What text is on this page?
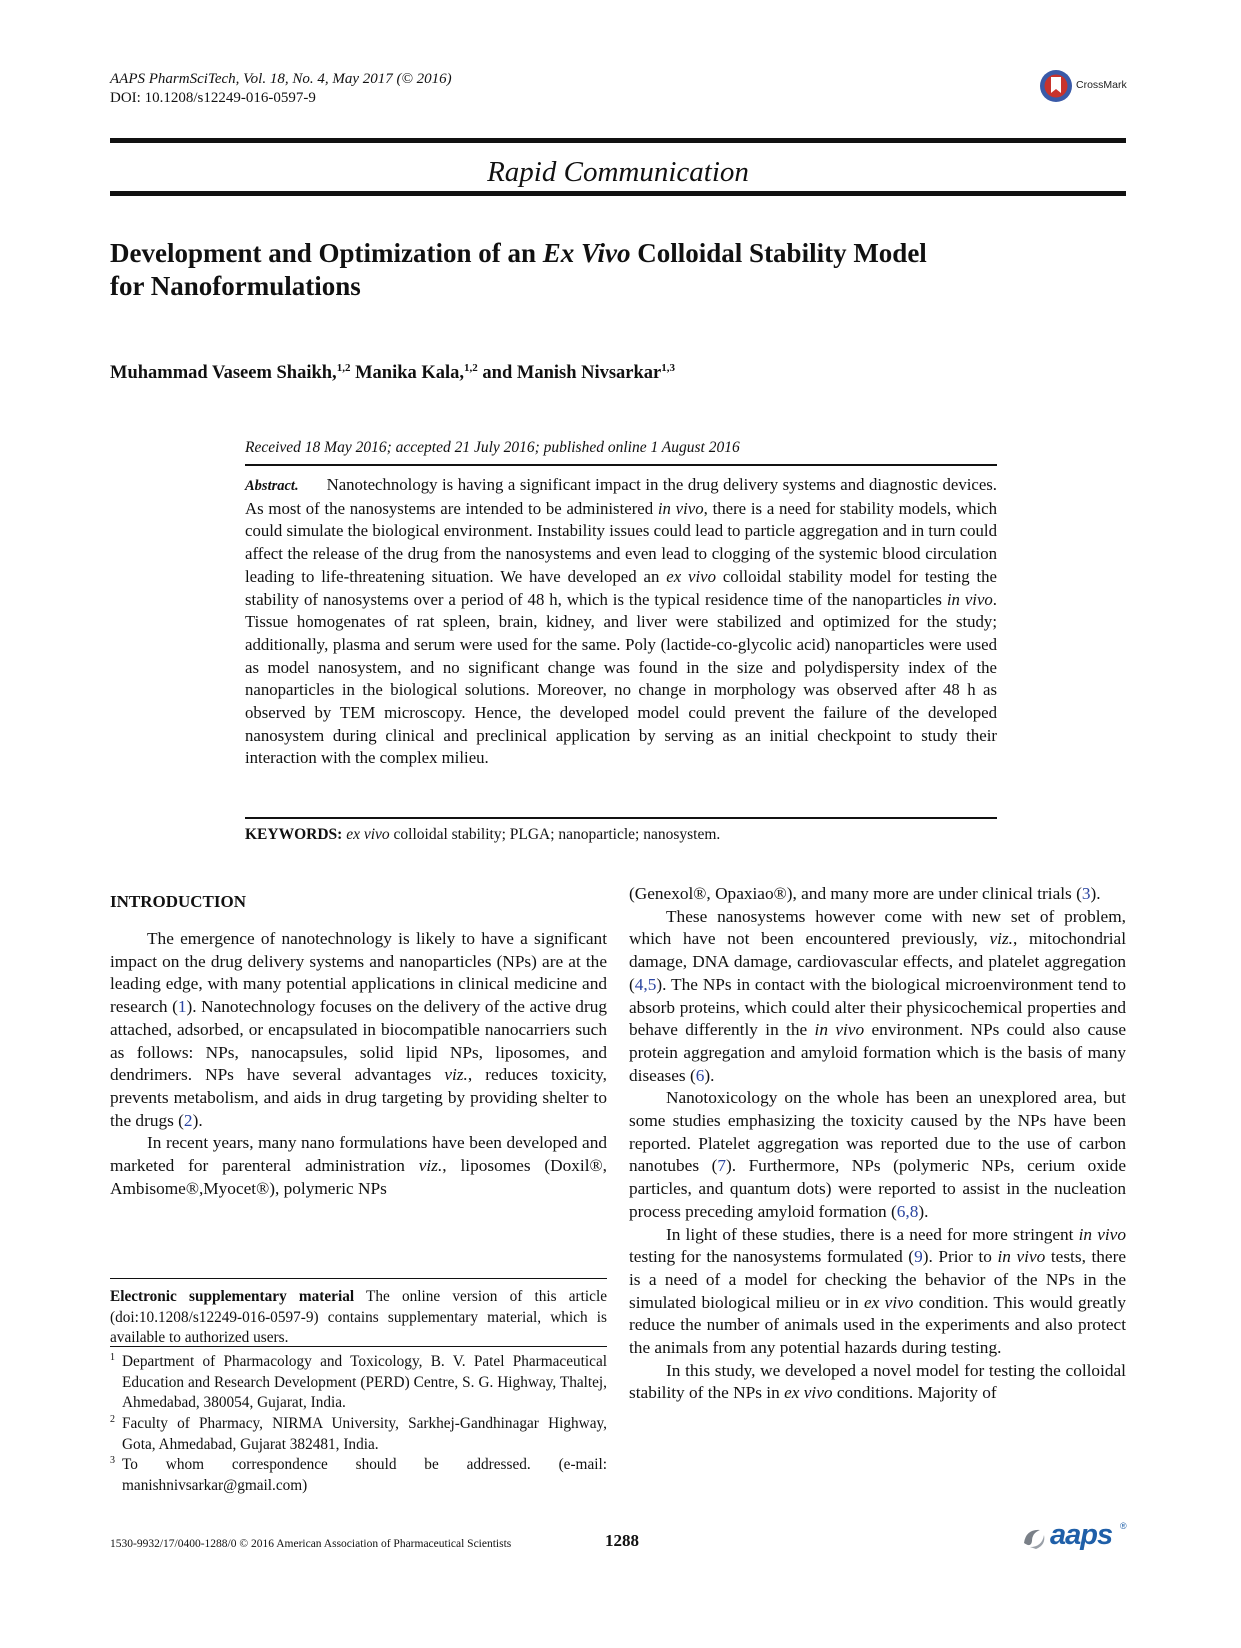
AAPS PharmSciTech, Vol. 18, No. 4, May 2017 (© 2016)
DOI: 10.1208/s12249-016-0597-9
CrossMark
Rapid Communication
Development and Optimization of an Ex Vivo Colloidal Stability Model
for Nanoformulations
Muhammad Vaseem Shaikh,$^{1,2}$ Manika Kala,$^{1,2}$ and Manish Nivsarkar$^{1,3}$
Received 18 May 2016; accepted 21 July 2016; published online 1 August 2016
Abstract. Nanotechnology is having a significant impact in the drug delivery systems and diagnostic devices. As most of the nanosystems are intended to be administered in vivo, there is a need for stability models, which could simulate the biological environment. Instability issues could lead to particle aggregation and in turn could affect the release of the drug from the nanosystems and even lead to clogging of the systemic blood circulation leading to life-threatening situation. We have developed an ex vivo colloidal stability model for testing the stability of nanosystems over a period of 48 h, which is the typical residence time of the nanoparticles in vivo. Tissue homogenates of rat spleen, brain, kidney, and liver were stabilized and optimized for the study; additionally, plasma and serum were used for the same. Poly (lactide-co-glycolic acid) nanoparticles were used as model nanosystem, and no significant change was found in the size and polydispersity index of the nanoparticles in the biological solutions. Moreover, no change in morphology was observed after 48 h as observed by TEM microscopy. Hence, the developed model could prevent the failure of the developed nanosystem during clinical and preclinical application by serving as an initial checkpoint to study their interaction with the complex milieu.
KEYWORDS: ex vivo colloidal stability; PLGA; nanoparticle; nanosystem.
INTRODUCTION

The emergence of nanotechnology is likely to have a significant impact on the drug delivery systems and nanoparticles (NPs) are at the leading edge, with many potential applications in clinical medicine and research (1). Nanotechnology focuses on the delivery of the active drug attached, adsorbed, or encapsulated in biocompatible nanocarriers such as follows: NPs, nanocapsules, solid lipid NPs, liposomes, and dendrimers. NPs have several advantages viz., reduces toxicity, prevents metabolism, and aids in drug targeting by providing shelter to the drugs (2).

In recent years, many nano formulations have been developed and marketed for parenteral administration viz., liposomes (Doxil®, Ambisome®,Myocet®), polymeric NPs

Electronic supplementary material The online version of this article (doi:10.1208/s12249-016-0597-9) contains supplementary material, which is available to authorized users.
1 Department of Pharmacology and Toxicology, B. V. Patel Pharmaceutical Education and Research Development (PERD) Centre, S. G. Highway, Thaltej, Ahmedabad, 380054, Gujarat, India.
2 Faculty of Pharmacy, NIRMA University, Sarkhej-Gandhinagar Highway, Gota, Ahmedabad, Gujarat 382481, India.
3 To whom correspondence should be addressed. (e-mail: manishnivsarkar@gmail.com)

(Genexol®, Opaxiao®), and many more are under clinical trials (3).

These nanosystems however come with new set of problem, which have not been encountered previously, viz., mitochondrial damage, DNA damage, cardiovascular effects, and platelet aggregation (4,5). The NPs in contact with the biological microenvironment tend to absorb proteins, which could alter their physicochemical properties and behave differently in the in vivo environment. NPs could also cause protein aggregation and amyloid formation which is the basis of many diseases (6).

Nanotoxicology on the whole has been an unexplored area, but some studies emphasizing the toxicity caused by the NPs have been reported. Platelet aggregation was reported due to the use of carbon nanotubes (7). Furthermore, NPs (polymeric NPs, cerium oxide particles, and quantum dots) were reported to assist in the nucleation process preceding amyloid formation (6,8).

In light of these studies, there is a need for more stringent in vivo testing for the nanosystems formulated (9). Prior to in vivo tests, there is a need of a model for checking the behavior of the NPs in the simulated biological milieu or in ex vivo condition. This would greatly reduce the number of animals used in the experiments and also protect the animals from any potential hazards during testing.

In this study, we developed a novel model for testing the colloidal stability of the NPs in ex vivo conditions. Majority of

1530-9932/17/0400-1288/0 © 2016 American Association of Pharmaceutical Scientists	1288	aaps ®
